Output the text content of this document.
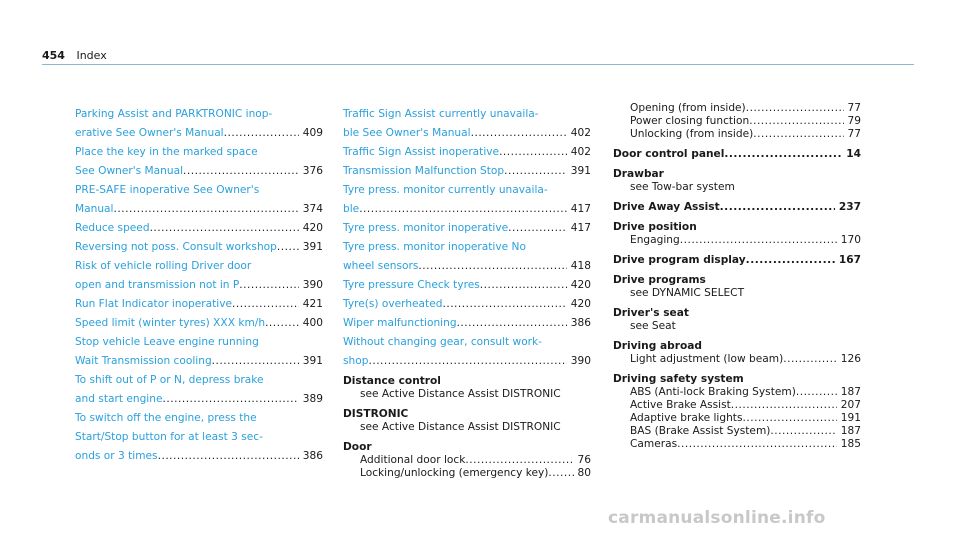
454 Index
Parking Assist and PARKTRONIC inop-
erative See Owner's Manual .....	409
Place the key in the marked space
See Owner's Manual .....	376
PRE-SAFE inoperative See Owner's
Manual .....	374
Reduce speed .....	420
Reversing not poss. Consult workshop .....	391
Risk of vehicle rolling Driver door
open and transmission not in P .....	390
Run Flat Indicator inoperative .....	421
Speed limit (winter tyres) XXX km/h .....	400
Stop vehicle Leave engine running
Wait Transmission cooling .....	391
To shift out of P or N, depress brake
and start engine .....	389
To switch off the engine, press the
Start/Stop button for at least 3 sec-
onds or 3 times .....	386
Traffic Sign Assist currently unavaila-
ble See Owner's Manual .....	402
Traffic Sign Assist inoperative .....	402
Transmission Malfunction Stop .....	391
Tyre press. monitor currently unavaila-
ble .....	417
Tyre press. monitor inoperative .....	417
Tyre press. monitor inoperative No
wheel sensors .....	418
Tyre pressure Check tyres .....	420
Tyre(s) overheated .....	420
Wiper malfunctioning .....	386
Without changing gear, consult work-
shop .....	390
Distance control
see Active Distance Assist DISTRONIC
DISTRONIC
see Active Distance Assist DISTRONIC
Door
Additional door lock .....	76
Locking/unlocking (emergency key) .....	80
Opening (from inside) .....	77
Power closing function .....	79
Unlocking (from inside) .....	77
Door control panel .....	14
Drawbar
see Tow-bar system
Drive Away Assist .....	237
Drive position
Engaging .....	170
Drive program display .....	167
Drive programs
see DYNAMIC SELECT
Driver's seat
see Seat
Driving abroad
Light adjustment (low beam) .....	126
Driving safety system
ABS (Anti-lock Braking System) .....	187
Active Brake Assist .....	207
Adaptive brake lights .....	191
BAS (Brake Assist System) .....	187
Cameras .....	185
carmanualsonline.info
